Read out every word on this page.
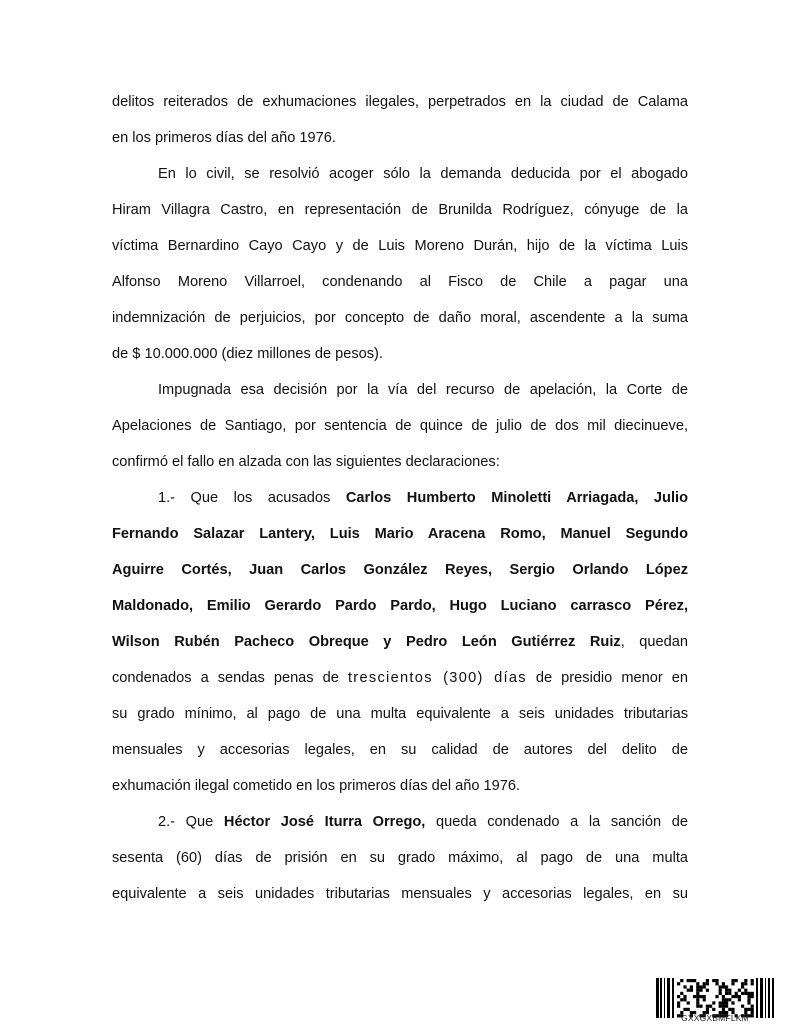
delitos reiterados de exhumaciones ilegales, perpetrados en la ciudad de Calama
en los primeros días del año 1976.
En lo civil, se resolvió acoger sólo la demanda deducida por el abogado
Hiram Villagra Castro, en representación de Brunilda Rodríguez, cónyuge de la
víctima Bernardino Cayo Cayo y de Luis Moreno Durán, hijo de la víctima Luis
Alfonso Moreno Villarroel, condenando al Fisco de Chile a pagar una
indemnización de perjuicios, por concepto de daño moral, ascendente a la suma
de $ 10.000.000 (diez millones de pesos).
Impugnada esa decisión por la vía del recurso de apelación, la Corte de
Apelaciones de Santiago, por sentencia de quince de julio de dos mil diecinueve,
confirmó el fallo en alzada con las siguientes declaraciones:
1.- Que los acusados Carlos Humberto Minoletti Arriagada, Julio
Fernando Salazar Lantery, Luis Mario Aracena Romo, Manuel Segundo
Aguirre Cortés, Juan Carlos González Reyes, Sergio Orlando López
Maldonado, Emilio Gerardo Pardo Pardo, Hugo Luciano carrasco Pérez,
Wilson Rubén Pacheco Obreque y Pedro León Gutiérrez Ruiz, quedan
condenados a sendas penas de trescientos (300) días de presidio menor en
su grado mínimo, al pago de una multa equivalente a seis unidades tributarias
mensuales y accesorias legales, en su calidad de autores del delito de
exhumación ilegal cometido en los primeros días del año 1976.
2.- Que Héctor José Iturra Orrego, queda condenado a la sanción de
sesenta (60) días de prisión en su grado máximo, al pago de una multa
equivalente a seis unidades tributarias mensuales y accesorias legales, en su
GXXGXBMFLKM
